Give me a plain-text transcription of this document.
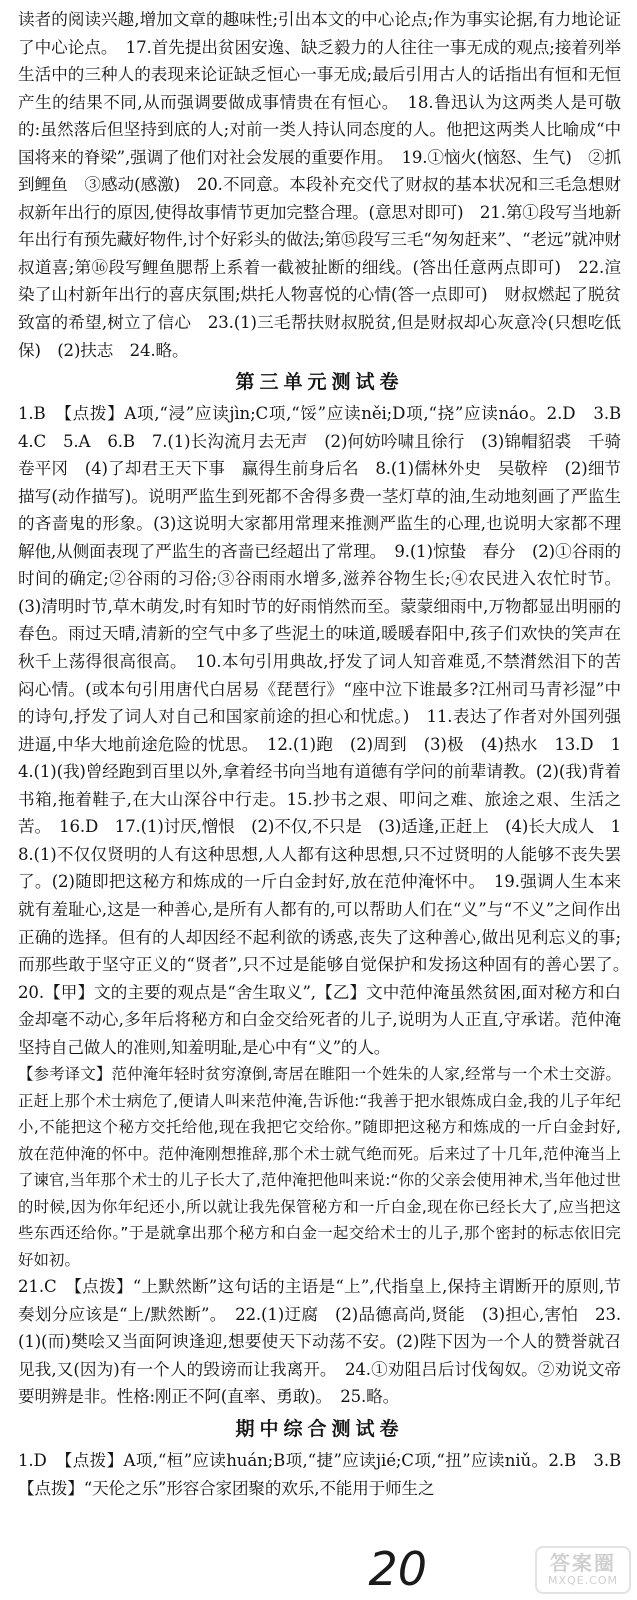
读者的阅读兴趣,增加文章的趣味性;引出本文的中心论点;作为事实论据,有力地论证了中心论点。　17.首先提出贫困安逸、缺乏毅力的人往往一事无成的观点;接着列举生活中的三种人的表现来论证缺乏恒心一事无成;最后引用古人的话指出有恒和无恒产生的结果不同,从而强调要做成事情贵在有恒心。　18.鲁迅认为这两类人是可敬的:虽然落后但坚持到底的人;对前一类人持认同态度的人。他把这两类人比喻成“中国将来的脊梁”,强调了他们对社会发展的重要作用。　19.①恼火(恼怒、生气)　②抓到鲤鱼　③感动(感激)　20.不同意。本段补充交代了财叔的基本状况和三毛急想财叔新年出行的原因,使得故事情节更加完整合理。(意思对即可)　21.第①段写当地新年出行有预先藏好物件,讨个好彩头的做法;第⑮段写三毛“匆匆赶来”、“老远”就冲财叔道喜;第⑯段写鲤鱼腮帮上系着一截被扯断的细线。(答出任意两点即可)　22.渲染了山村新年出行的喜庆氛围;烘托人物喜悦的心情(答一点即可)　财叔燃起了脱贫致富的希望,树立了信心　23.(1)三毛帮扶财叔脱贫,但是财叔却心灰意冷(只想吃低保)　(2)扶志　24.略。

第三单元测试卷

1.B　【点拨】A项,“浸”应读jìn;C项,“馁”应读něi;D项,“挠”应读náo。2.D　3.B　4.C　5.A　6.B　7.(1)长沟流月去无声　(2)何妨吟啸且徐行　(3)锦帽貂裘　千骑卷平冈　(4)了却君王天下事　赢得生前身后名　8.(1)儒林外史　吴敬梓　(2)细节描写(动作描写)。说明严监生到死都不舍得多费一茎灯草的油,生动地刻画了严监生的吝啬鬼的形象。(3)这说明大家都用常理来推测严监生的心理,也说明大家都不理解他,从侧面表现了严监生的吝啬已经超出了常理。　9.(1)惊蛰　春分　(2)①谷雨的时间的确定;②谷雨的习俗;③谷雨雨水增多,滋养谷物生长;④农民进入农忙时节。(3)清明时节,草木萌发,时有知时节的好雨悄然而至。蒙蒙细雨中,万物都显出明丽的春色。雨过天晴,清新的空气中多了些泥土的味道,暖暖春阳中,孩子们欢快的笑声在秋千上荡得很高很高。　10.本句引用典故,抒发了词人知音难觅,不禁潸然泪下的苦闷心情。(或本句引用唐代白居易《琵琶行》“座中泣下谁最多?江州司马青衫湿”中的诗句,抒发了词人对自己和国家前途的担心和忧虑。)　11.表达了作者对外国列强进逼,中华大地前途危险的忧思。　12.(1)跑　(2)周到　(3)极　(4)热水　13.D　14.(1)(我)曾经跑到百里以外,拿着经书向当地有道德有学问的前辈请教。(2)(我)背着书箱,拖着鞋子,在大山深谷中行走。15.抄书之艰、叩问之难、旅途之艰、生活之苦。　16.D　17.(1)讨厌,憎恨　(2)不仅,不只是　(3)适逢,正赶上　(4)长大成人　18.(1)不仅仅贤明的人有这种思想,人人都有这种思想,只不过贤明的人能够不丧失罢了。(2)随即把这秘方和炼成的一斤白金封好,放在范仲淹怀中。　19.强调人生本来就有羞耻心,这是一种善心,是所有人都有的,可以帮助人们在“义”与“不义”之间作出正确的选择。但有的人却因经不起利欲的诱惑,丧失了这种善心,做出见利忘义的事;而那些敢于坚守正义的“贤者”,只不过是能够自觉保护和发扬这种固有的善心罢了。　20.【甲】文的主要的观点是“舍生取义”,【乙】文中范仲淹虽然贫困,面对秘方和白金却毫不动心,多年后将秘方和白金交给死者的儿子,说明为人正直,守承诺。范仲淹坚持自己做人的准则,知羞明耻,是心中有“义”的人。

【参考译文】范仲淹年轻时贫穷潦倒,寄居在睢阳一个姓朱的人家,经常与一个术士交游。正赶上那个术士病危了,便请人叫来范仲淹,告诉他:“我善于把水银炼成白金,我的儿子年纪小,不能把这个秘方交托给他,现在我把它交给你。”随即把这秘方和炼成的一斤白金封好,放在范仲淹的怀中。范仲淹刚想推辞,那个术士就气绝而死。后来过了十几年,范仲淹当上了谏官,当年那个术士的儿子长大了,范仲淹把他叫来说:“你的父亲会使用神术,当年他过世的时候,因为你年纪还小,所以就让我先保管秘方和一斤白金,现在你已经长大了,应当把这些东西还给你。”于是就拿出那个秘方和白金一起交给术士的儿子,那个密封的标志依旧完好如初。

21.C　【点拨】“上默然断”这句话的主语是“上”,代指皇上,保持主谓断开的原则,节奏划分应该是“上/默然断”。　22.(1)迂腐　(2)品德高尚,贤能　(3)担心,害怕　23.(1)(而)樊哙又当面阿谀逢迎,想要使天下动荡不安。(2)陛下因为一个人的赞誉就召见我,又(因为)有一个人的毁谤而让我离开。　24.①劝阻吕后讨伐匈奴。②劝说文帝要明辨是非。性格:刚正不阿(直率、勇敢)。　25.略。

期中综合测试卷

1.D　【点拨】A项,“桓”应读huán;B项,“捷”应读jié;C项,“扭”应读niǔ。2.B　3.B　【点拨】“天伦之乐”形容合家团聚的欢乐,不能用于师生之

20	答案圈
MXQE.COM
